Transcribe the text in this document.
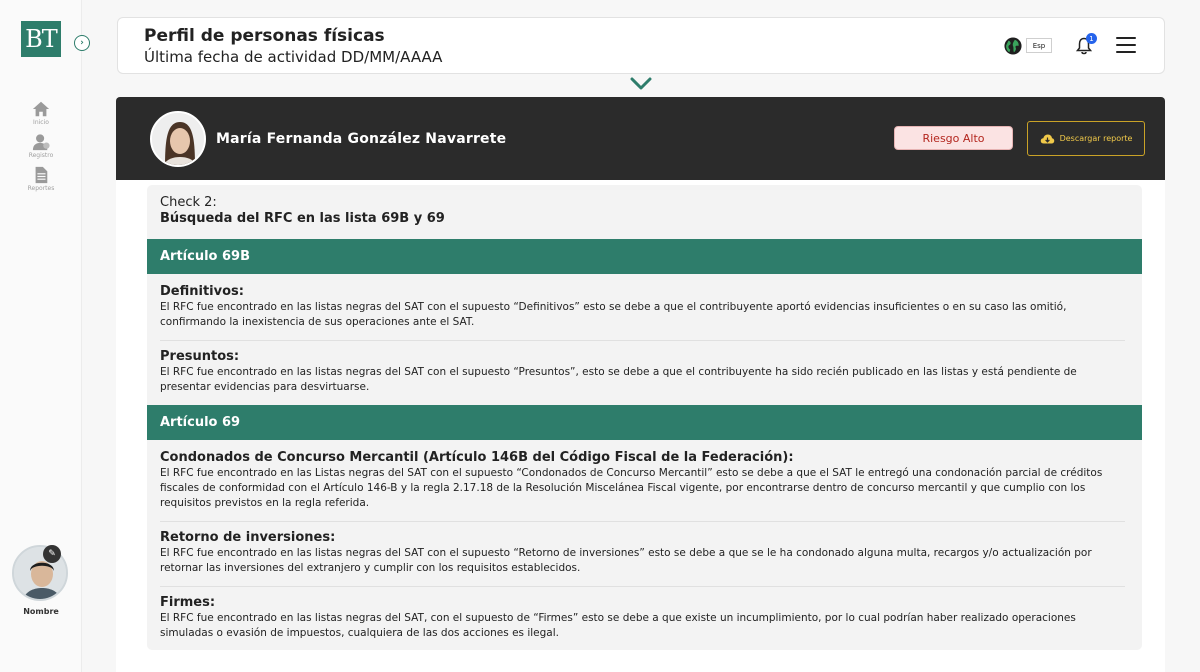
BT
Inicio
Registro
Reportes
✎
Nombre
›	Perfil de personas físicas
Última fecha de actividad DD/MM/AAAA
Esp
1
María Fernanda González Navarrete	Riesgo Alto	Descargar reporte
Check 2:
Búsqueda del RFC en las lista 69B y 69
Artículo 69B
Definitivos:
El RFC fue encontrado en las listas negras del SAT con el supuesto “Definitivos” esto se debe a que el contribuyente aportó evidencias insuficientes o en su caso las omitió, confirmando la inexistencia de sus operaciones ante el SAT.
Presuntos:
El RFC fue encontrado en las listas negras del SAT con el supuesto “Presuntos”, esto se debe a que el contribuyente ha sido recién publicado en las listas y está pendiente de presentar evidencias para desvirtuarse.
Artículo 69
Condonados de Concurso Mercantil (Artículo 146B del Código Fiscal de la Federación):
El RFC fue encontrado en las Listas negras del SAT con el supuesto “Condonados de Concurso Mercantil” esto se debe a que el SAT le entregó una condonación parcial de créditos fiscales de conformidad con el Artículo 146-B y la regla 2.17.18 de la Resolución Miscelánea Fiscal vigente, por encontrarse dentro de concurso mercantil y que cumplio con los requisitos previstos en la regla referida.
Retorno de inversiones:
El RFC fue encontrado en las listas negras del SAT con el supuesto “Retorno de inversiones” esto se debe a que se le ha condonado alguna multa, recargos y/o actualización por retornar las inversiones del extranjero y cumplir con los requisitos establecidos.
Firmes:
El RFC fue encontrado en las listas negras del SAT, con el supuesto de “Firmes” esto se debe a que existe un incumplimiento, por lo cual podrían haber realizado operaciones simuladas o evasión de impuestos, cualquiera de las dos acciones es ilegal.
